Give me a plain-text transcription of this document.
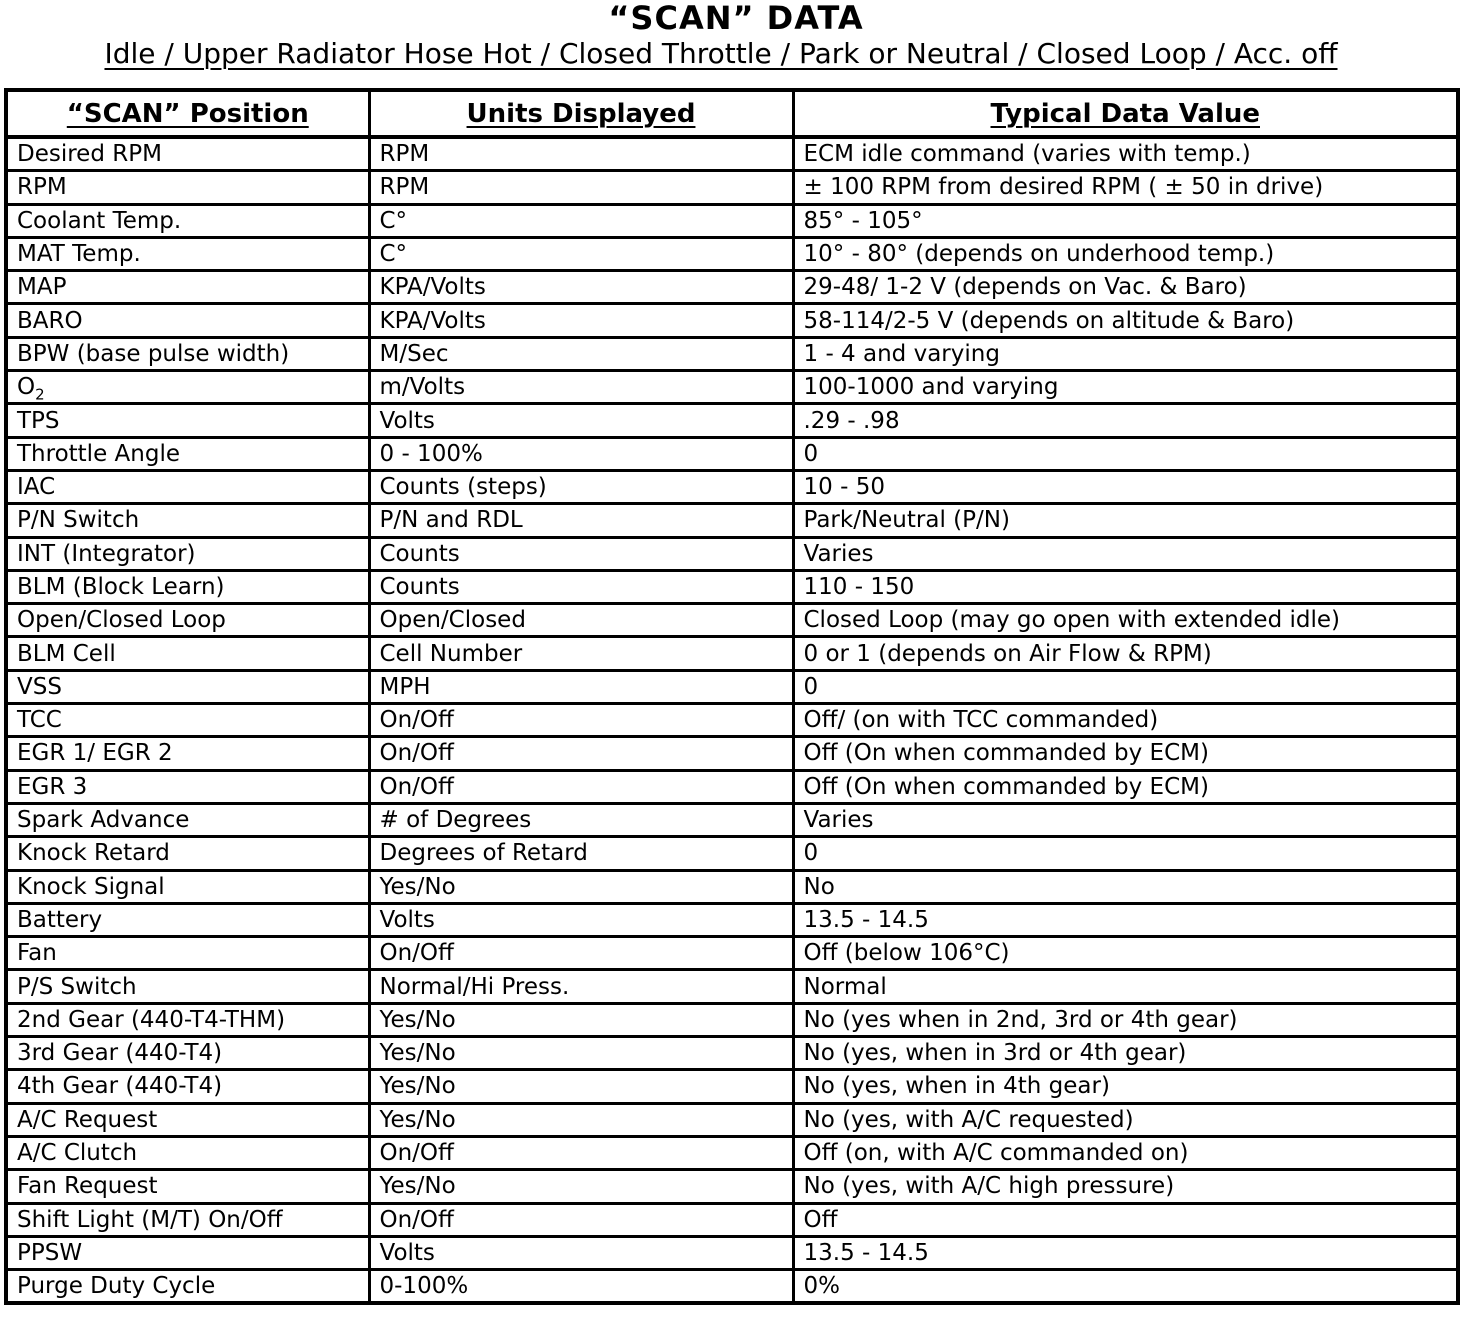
“SCAN” DATA
Idle / Upper Radiator Hose Hot / Closed Throttle / Park or Neutral / Closed Loop / Acc. off
“SCAN” Position	Units Displayed	Typical Data Value
Desired RPM	RPM	ECM idle command (varies with temp.)
RPM	RPM	± 100 RPM from desired RPM ( ± 50 in drive)
Coolant Temp.	C°	85° - 105°
MAT Temp.	C°	10° - 80° (depends on underhood temp.)
MAP	KPA/Volts	29-48/ 1-2 V (depends on Vac. & Baro)
BARO	KPA/Volts	58-114/2-5 V (depends on altitude & Baro)
BPW (base pulse width)	M/Sec	1 - 4 and varying
$O_2$	m/Volts	100-1000 and varying
TPS	Volts	.29 - .98
Throttle Angle	0 - 100%	0
IAC	Counts (steps)	10 - 50
P/N Switch	P/N and RDL	Park/Neutral (P/N)
INT (Integrator)	Counts	Varies
BLM (Block Learn)	Counts	110 - 150
Open/Closed Loop	Open/Closed	Closed Loop (may go open with extended idle)
BLM Cell	Cell Number	0 or 1 (depends on Air Flow & RPM)
VSS	MPH	0
TCC	On/Off	Off/ (on with TCC commanded)
EGR 1/ EGR 2	On/Off	Off (On when commanded by ECM)
EGR 3	On/Off	Off (On when commanded by ECM)
Spark Advance	# of Degrees	Varies
Knock Retard	Degrees of Retard	0
Knock Signal	Yes/No	No
Battery	Volts	13.5 - 14.5
Fan	On/Off	Off (below 106°C)
P/S Switch	Normal/Hi Press.	Normal
2nd Gear (440-T4-THM)	Yes/No	No (yes when in 2nd, 3rd or 4th gear)
3rd Gear (440-T4)	Yes/No	No (yes, when in 3rd or 4th gear)
4th Gear (440-T4)	Yes/No	No (yes, when in 4th gear)
A/C Request	Yes/No	No (yes, with A/C requested)
A/C Clutch	On/Off	Off (on, with A/C commanded on)
Fan Request	Yes/No	No (yes, with A/C high pressure)
Shift Light (M/T) On/Off	On/Off	Off
PPSW	Volts	13.5 - 14.5
Purge Duty Cycle	0-100%	0%
